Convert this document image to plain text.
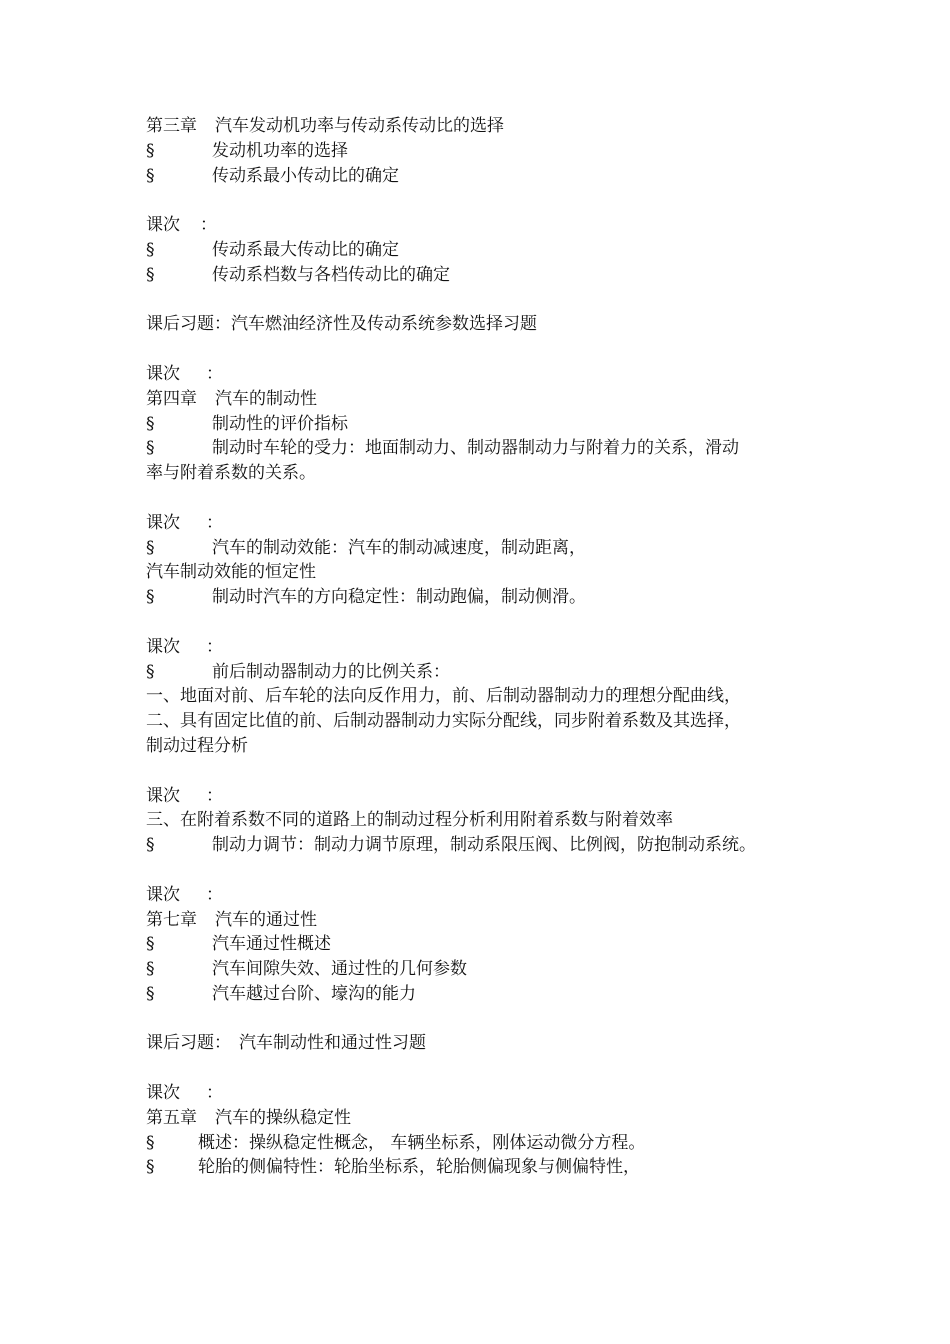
第三章 汽车发动机功率与传动系传动比的选择
§	发动机功率的选择
§	传动系最小传动比的确定
课次 ：
§	传动系最大传动比的确定
§	传动系档数与各档传动比的确定
课后习题：汽车燃油经济性及传动系统参数选择习题
课次 ：
第四章 汽车的制动性
§	制动性的评价指标
§	制动时车轮的受力：地面制动力、制动器制动力与附着力的关系，滑动
率与附着系数的关系。
课次 ：
§	汽车的制动效能：汽车的制动减速度，制动距离，
汽车制动效能的恒定性
§	制动时汽车的方向稳定性：制动跑偏，制动侧滑。
课次 ：
§	前后制动器制动力的比例关系：
一、地面对前、后车轮的法向反作用力，前、后制动器制动力的理想分配曲线，
二、具有固定比值的前、后制动器制动力实际分配线，同步附着系数及其选择，
制动过程分析
课次 ：
三、在附着系数不同的道路上的制动过程分析利用附着系数与附着效率
§	制动力调节：制动力调节原理，制动系限压阀、比例阀，防抱制动系统。
课次 ：
第七章 汽车的通过性
§	汽车通过性概述
§	汽车间隙失效、通过性的几何参数
§	汽车越过台阶、壕沟的能力
课后习题： 汽车制动性和通过性习题
课次 ：
第五章 汽车的操纵稳定性
§	概述：操纵稳定性概念， 车辆坐标系，刚体运动微分方程。
§	轮胎的侧偏特性：轮胎坐标系，轮胎侧偏现象与侧偏特性，
